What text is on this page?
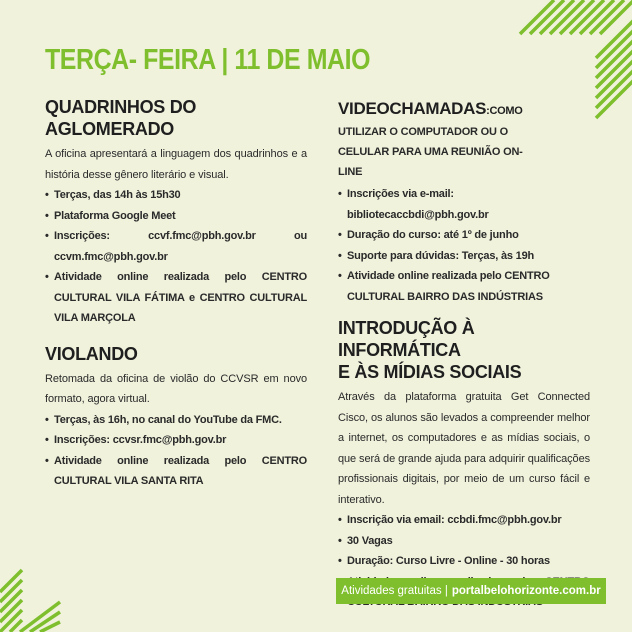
TERÇA- FEIRA | 11 DE MAIO
QUADRINHOS DO AGLOMERADO

A oficina apresentará a linguagem dos quadrinhos e a história desse gênero literário e visual.

• Terças, das 14h às 15h30
• Plataforma Google Meet
• Inscrições: ccvf.fmc@pbh.gov.br ou ccvm.fmc@pbh.gov.br
• Atividade online realizada pelo CENTRO CULTURAL VILA FÁTIMA e CENTRO CULTURAL VILA MARÇOLA
VIOLANDO

Retomada da oficina de violão do CCVSR em novo formato, agora virtual.

• Terças, às 16h, no canal do YouTube da FMC.
• Inscrições: ccvsr.fmc@pbh.gov.br
• Atividade online realizada pelo CENTRO CULTURAL VILA SANTA RITA
VIDEOCHAMADAS:COMO

UTILIZAR O COMPUTADOR OU O CELULAR PARA UMA REUNIÃO ON-LINE

• Inscrições via e-mail: bibliotecaccbdi@pbh.gov.br
• Duração do curso: até 1º de junho
• Suporte para dúvidas: Terças, às 19h
• Atividade online realizada pelo CENTRO CULTURAL BAIRRO DAS INDÚSTRIAS
INTRODUÇÃO À INFORMÁTICA
E ÀS MÍDIAS SOCIAIS

Através da plataforma gratuita Get Connected Cisco, os alunos são levados a compreender melhor a internet, os computadores e as mídias sociais, o que será de grande ajuda para adquirir qualificações profissionais digitais, por meio de um curso fácil e interativo.

• Inscrição via email: ccbdi.fmc@pbh.gov.br
• 30 Vagas
• Duração: Curso Livre - Online - 30 horas
•
Atividades gratuitas | portalbelohorizonte.com.br
